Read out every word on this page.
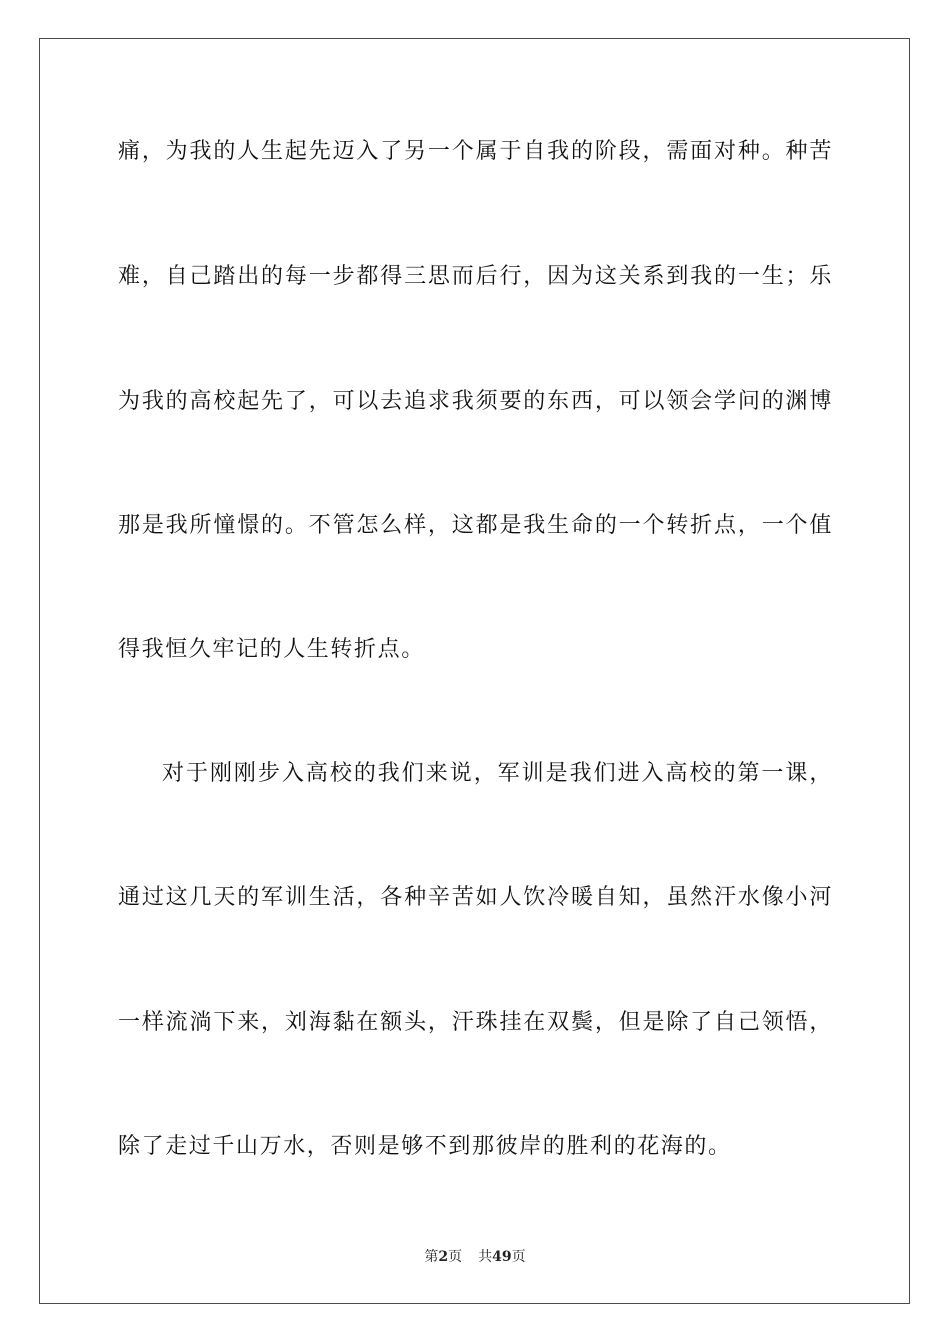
痛，为我的人生起先迈入了另一个属于自我的阶段，需面对种。种苦
难，自己踏出的每一步都得三思而后行，因为这关系到我的一生；乐
为我的高校起先了，可以去追求我须要的东西，可以领会学问的渊博
那是我所憧憬的。不管怎么样，这都是我生命的一个转折点，一个值
得我恒久牢记的人生转折点。
对于刚刚步入高校的我们来说，军训是我们进入高校的第一课，
通过这几天的军训生活，各种辛苦如人饮冷暖自知，虽然汗水像小河
一样流淌下来，刘海黏在额头，汗珠挂在双鬓，但是除了自己领悟，
除了走过千山万水，否则是够不到那彼岸的胜利的花海的。
第2页 共49页
